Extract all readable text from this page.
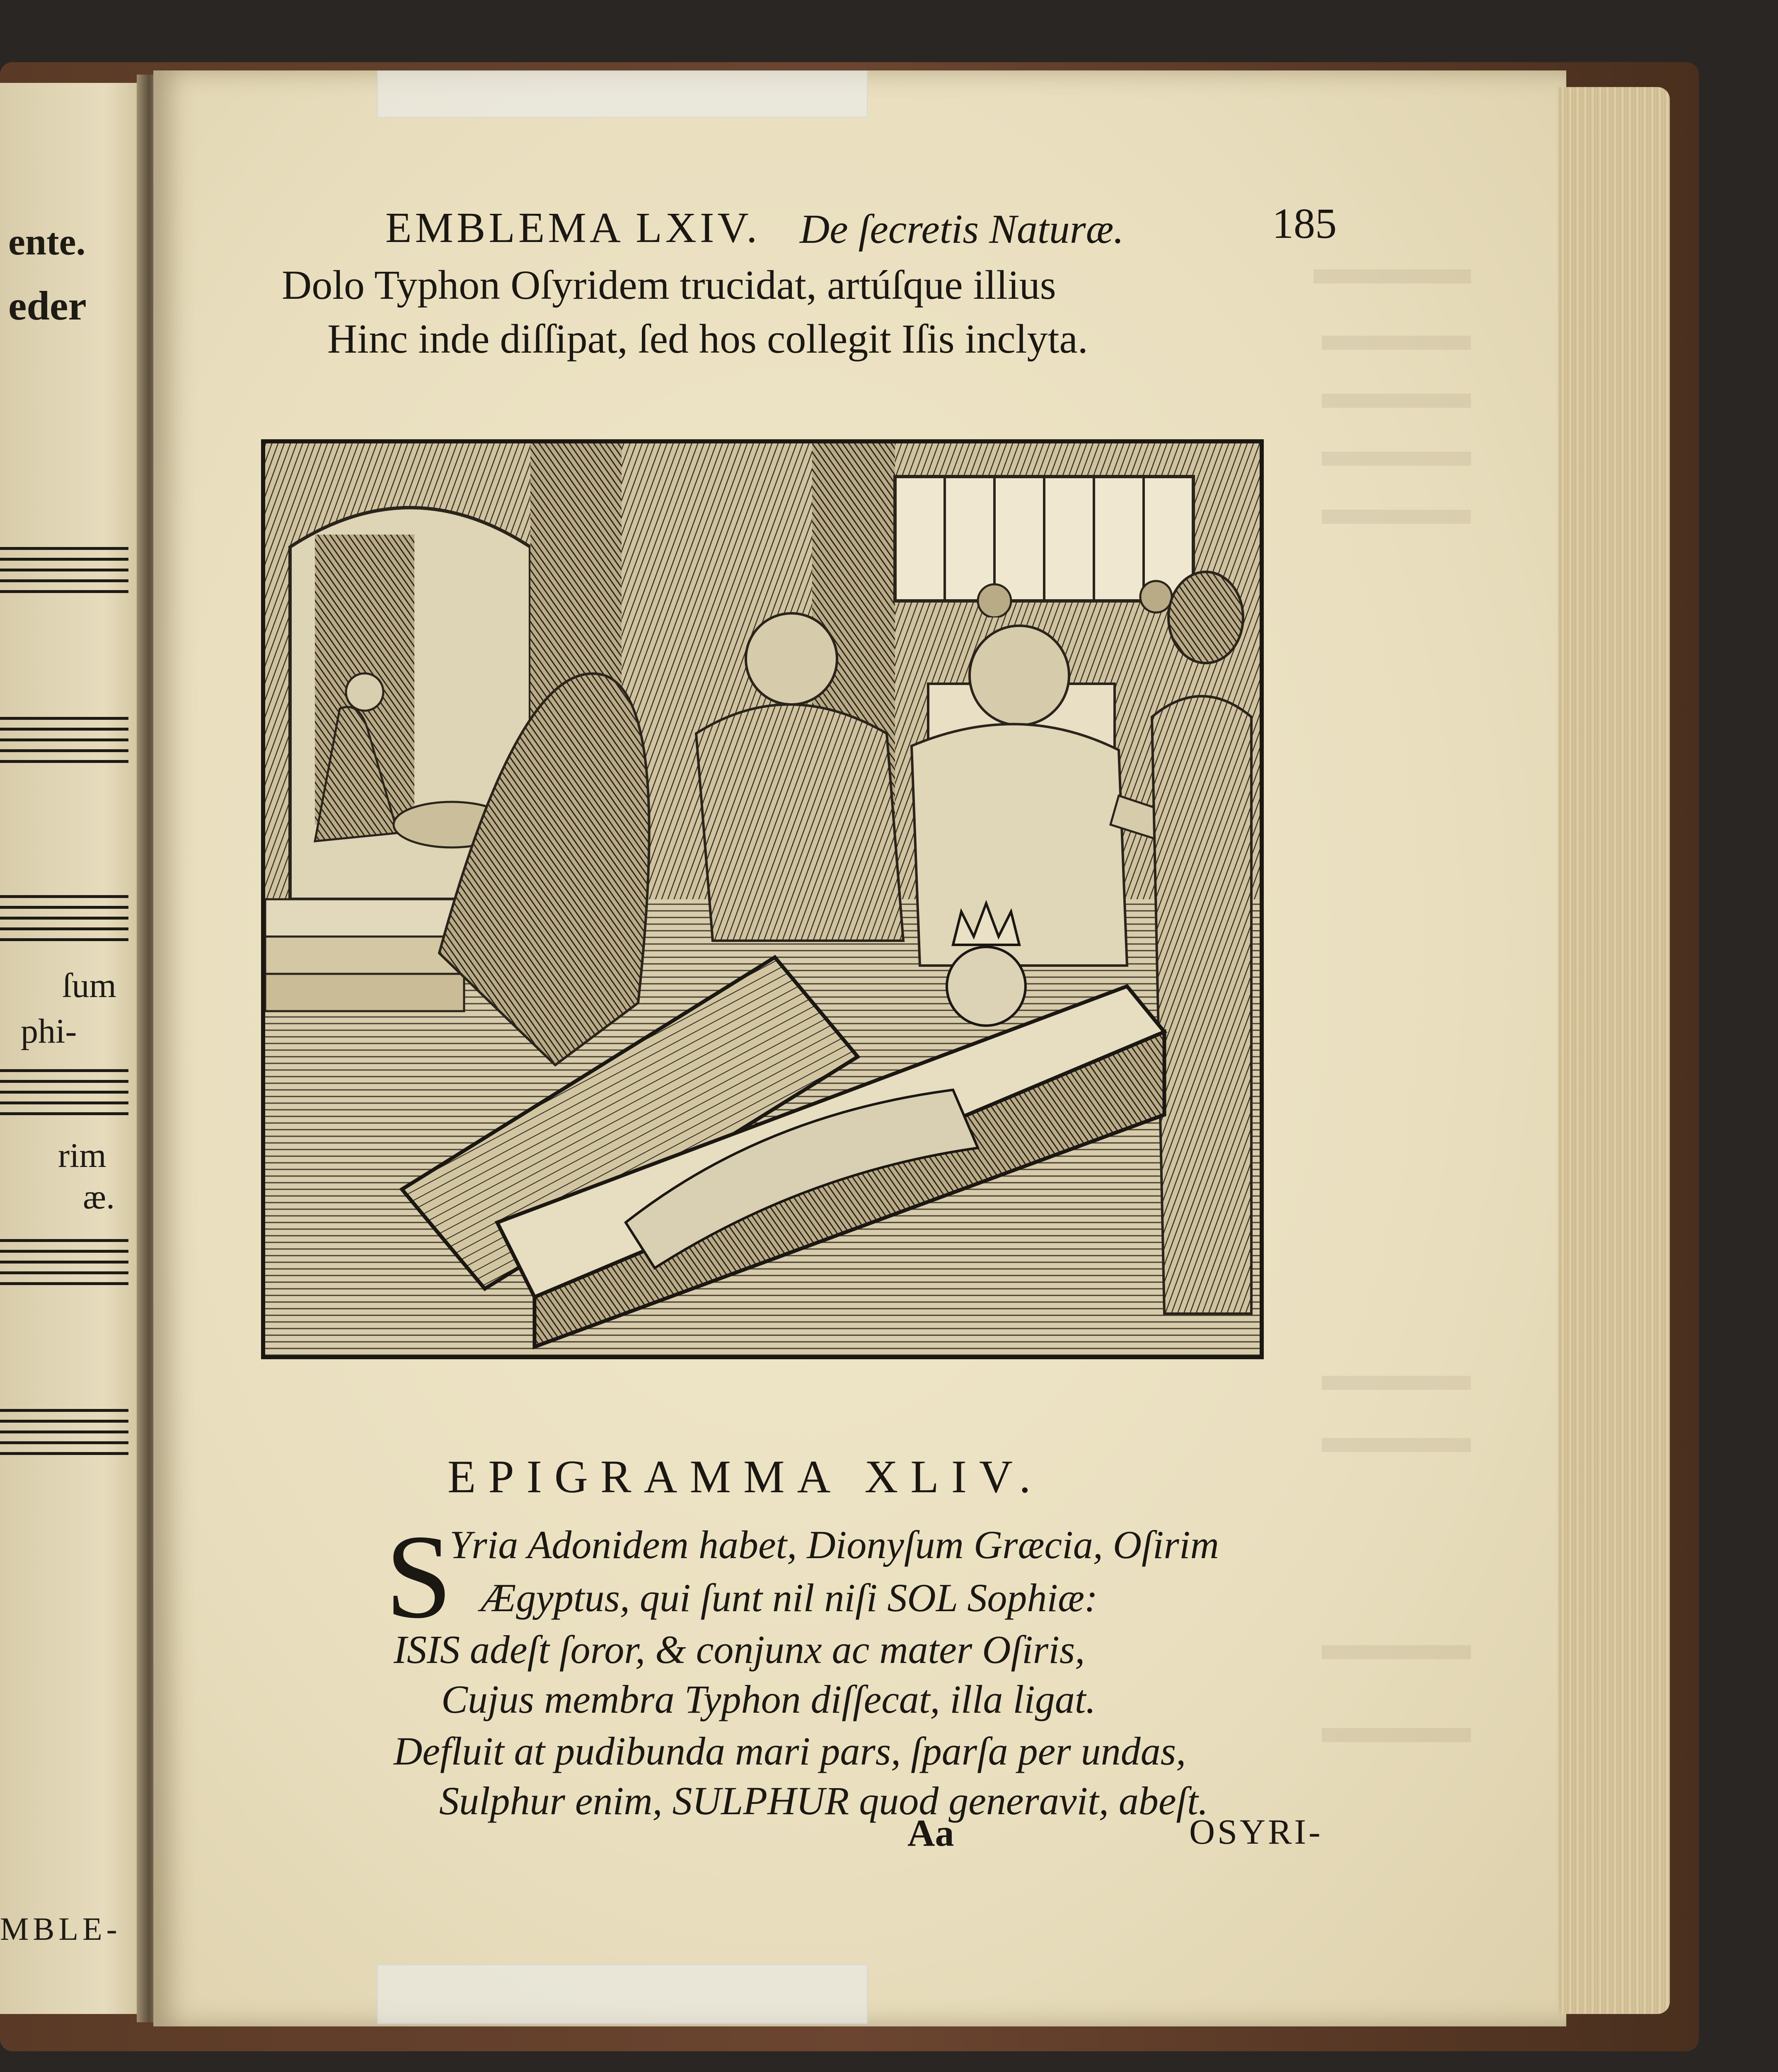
ente.
eder
ſum
phi-
rim
æ.
MBLE-
EMBLEMA LXIV. De ſecretis Naturæ.	185
Dolo Typhon Oſyridem trucidat, artúſque illius
Hinc inde diſſipat, ſed hos collegit Iſis inclyta.
EPIGRAMMA XLIV.
S
Yria Adonidem habet, Dionyſum Græcia, Oſirim
Ægyptus, qui ſunt nil niſi SOL Sophiæ:
ISIS adeſt ſoror, & conjunx ac mater Oſiris,
Cujus membra Typhon diſſecat, illa ligat.
Defluit at pudibunda mari pars, ſparſa per undas,
Sulphur enim, SULPHUR quod generavit, abeſt.
Aa	OSYRI-
